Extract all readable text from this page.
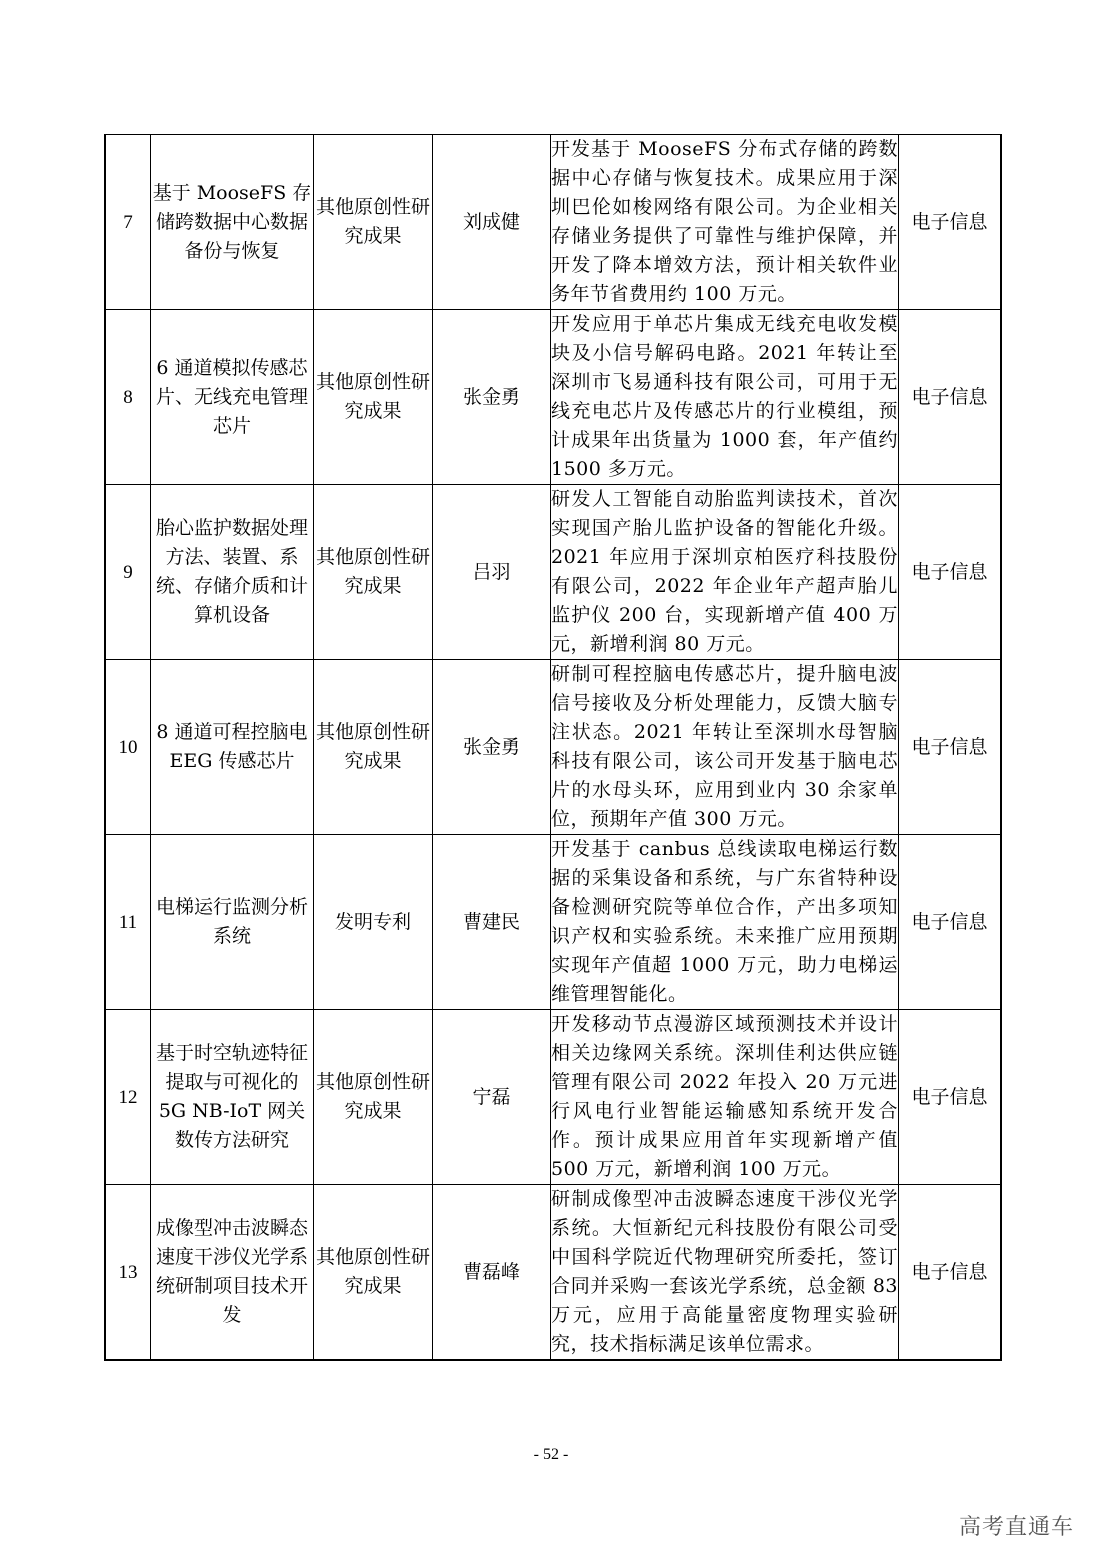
7	基于 MooseFS 存储跨数据中心数据备份与恢复	其他原创性研究成果	刘成健	开发基于 MooseFS 分布式存储的跨数据中心存储与恢复技术。成果应用于深圳巴伦如梭网络有限公司。为企业相关存储业务提供了可靠性与维护保障，并开发了降本增效方法，预计相关软件业务年节省费用约 100 万元。	电子信息
8	6 通道模拟传感芯片、无线充电管理芯片	其他原创性研究成果	张金勇	开发应用于单芯片集成无线充电收发模块及小信号解码电路。2021 年转让至深圳市飞易通科技有限公司，可用于无线充电芯片及传感芯片的行业模组，预计成果年出货量为 1000 套，年产值约 1500 多万元。	电子信息
9	胎心监护数据处理方法、装置、系统、存储介质和计算机设备	其他原创性研究成果	吕羽	研发人工智能自动胎监判读技术，首次实现国产胎儿监护设备的智能化升级。2021 年应用于深圳京柏医疗科技股份有限公司，2022 年企业年产超声胎儿监护仪 200 台，实现新增产值 400 万元，新增利润 80 万元。	电子信息
10	8 通道可程控脑电 EEG 传感芯片	其他原创性研究成果	张金勇	研制可程控脑电传感芯片，提升脑电波信号接收及分析处理能力，反馈大脑专注状态。2021 年转让至深圳水母智脑科技有限公司，该公司开发基于脑电芯片的水母头环，应用到业内 30 余家单位，预期年产值 300 万元。	电子信息
11	电梯运行监测分析系统	发明专利	曹建民	开发基于 canbus 总线读取电梯运行数据的采集设备和系统，与广东省特种设备检测研究院等单位合作，产出多项知识产权和实验系统。未来推广应用预期实现年产值超 1000 万元，助力电梯运维管理智能化。	电子信息
12	基于时空轨迹特征提取与可视化的 5G NB-IoT 网关数传方法研究	其他原创性研究成果	宁磊	开发移动节点漫游区域预测技术并设计相关边缘网关系统。深圳佳利达供应链管理有限公司 2022 年投入 20 万元进行风电行业智能运输感知系统开发合作。预计成果应用首年实现新增产值 500 万元，新增利润 100 万元。	电子信息
13	成像型冲击波瞬态速度干涉仪光学系统研制项目技术开发	其他原创性研究成果	曹磊峰	研制成像型冲击波瞬态速度干涉仪光学系统。大恒新纪元科技股份有限公司受中国科学院近代物理研究所委托，签订合同并采购一套该光学系统，总金额 83 万元，应用于高能量密度物理实验研究，技术指标满足该单位需求。	电子信息
- 52 -
高考直通车
